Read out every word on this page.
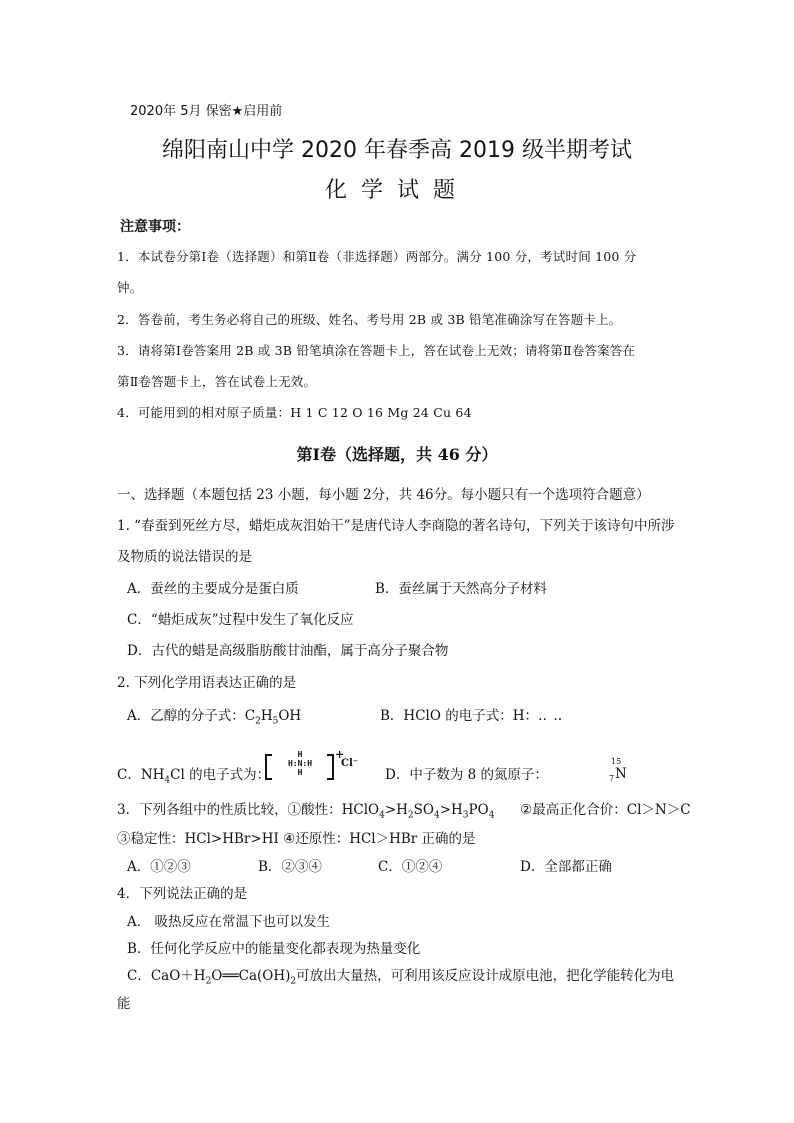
2020年 5月 保密★启用前
绵阳南山中学 2020 年春季高 2019 级半期考试
化学试题
注意事项：
1．本试卷分第Ⅰ卷（选择题）和第Ⅱ卷（非选择题）两部分。满分 100 分，考试时间 100 分
钟。
2．答卷前，考生务必将自己的班级、姓名、考号用 2B 或 3B 铅笔准确涂写在答题卡上。
3．请将第Ⅰ卷答案用 2B 或 3B 铅笔填涂在答题卡上，答在试卷上无效；请将第Ⅱ卷答案答在
第Ⅱ卷答题卡上，答在试卷上无效。
4．可能用到的相对原子质量：H 1 C 12 O 16 Mg 24 Cu 64
第Ⅰ卷（选择题，共 46 分）
一、选择题（本题包括 23 小题，每小题 2分，共 46分。每小题只有一个选项符合题意）
1. “春蚕到死丝方尽，蜡炬成灰泪始干”是唐代诗人李商隐的著名诗句，下列关于该诗句中所涉
及物质的说法错误的是
A．蚕丝的主要成分是蛋白质	B．蚕丝属于天然高分子材料
C．“蜡炬成灰”过程中发生了氧化反应
D．古代的蜡是高级脂肪酸甘油酯，属于高分子聚合物
2. 下列化学用语表达正确的是
A．乙醇的分子式：$C_2H_5OH$	B．HClO 的电子式：H：‥ ‥
C．$NH_4Cl$ 的电子式为：
H
H:N:H
H
+
Cl⁻
D．中子数为 8 的氮原子：
15
7 N
3．下列各组中的性质比较，①酸性：$HClO_4>H_2SO_4>H_3PO_4$      ②最高正化合价：Cl＞N＞C
③稳定性：HCl>HBr>HI ④还原性：HCl＞HBr 正确的是
A．①②③	B．②③④	C．①②④	D．全部都正确
4．下列说法正确的是
A． 吸热反应在常温下也可以发生
B．任何化学反应中的能量变化都表现为热量变化
C．$CaO+H_2O══Ca(OH)_2$可放出大量热，可利用该反应设计成原电池，把化学能转化为电
能
